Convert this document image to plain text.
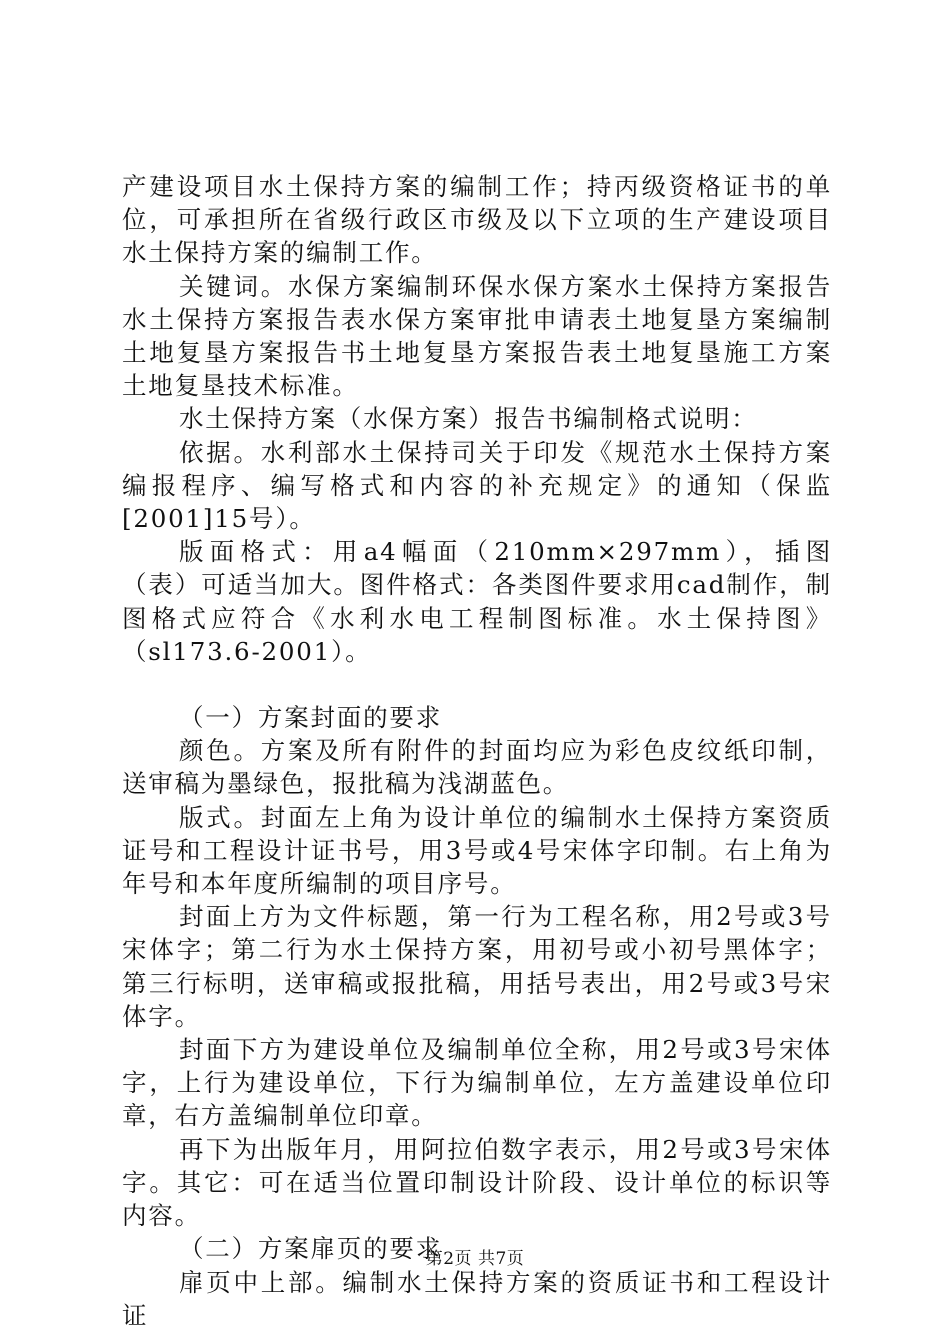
产建设项目水土保持方案的编制工作；持丙级资格证书的单位，可承担所在省级行政区市级及以下立项的生产建设项目水土保持方案的编制工作。

关键词。水保方案编制环保水保方案水土保持方案报告水土保持方案报告表水保方案审批申请表土地复垦方案编制土地复垦方案报告书土地复垦方案报告表土地复垦施工方案土地复垦技术标准。

水土保持方案（水保方案）报告书编制格式说明：

依据。水利部水土保持司关于印发《规范水土保持方案编报程序、编写格式和内容的补充规定》的通知（保监[2001]15号）。

版面格式：用a4幅面（210mm×297mm），插图（表）可适当加大。图件格式：各类图件要求用cad制作，制图格式应符合《水利水电工程制图标准。水土保持图》（sl173.6-2001）。

（一）方案封面的要求

颜色。方案及所有附件的封面均应为彩色皮纹纸印制，送审稿为墨绿色，报批稿为浅湖蓝色。

版式。封面左上角为设计单位的编制水土保持方案资质证号和工程设计证书号，用3号或4号宋体字印制。右上角为年号和本年度所编制的项目序号。

封面上方为文件标题，第一行为工程名称，用2号或3号宋体字；第二行为水土保持方案，用初号或小初号黑体字；第三行标明，送审稿或报批稿，用括号表出，用2号或3号宋体字。

封面下方为建设单位及编制单位全称，用2号或3号宋体字，上行为建设单位，下行为编制单位，左方盖建设单位印章，右方盖编制单位印章。

再下为出版年月，用阿拉伯数字表示，用2号或3号宋体字。其它：可在适当位置印制设计阶段、设计单位的标识等内容。

（二）方案扉页的要求

扉页中上部。编制水土保持方案的资质证书和工程设计证

第2页 共7页
